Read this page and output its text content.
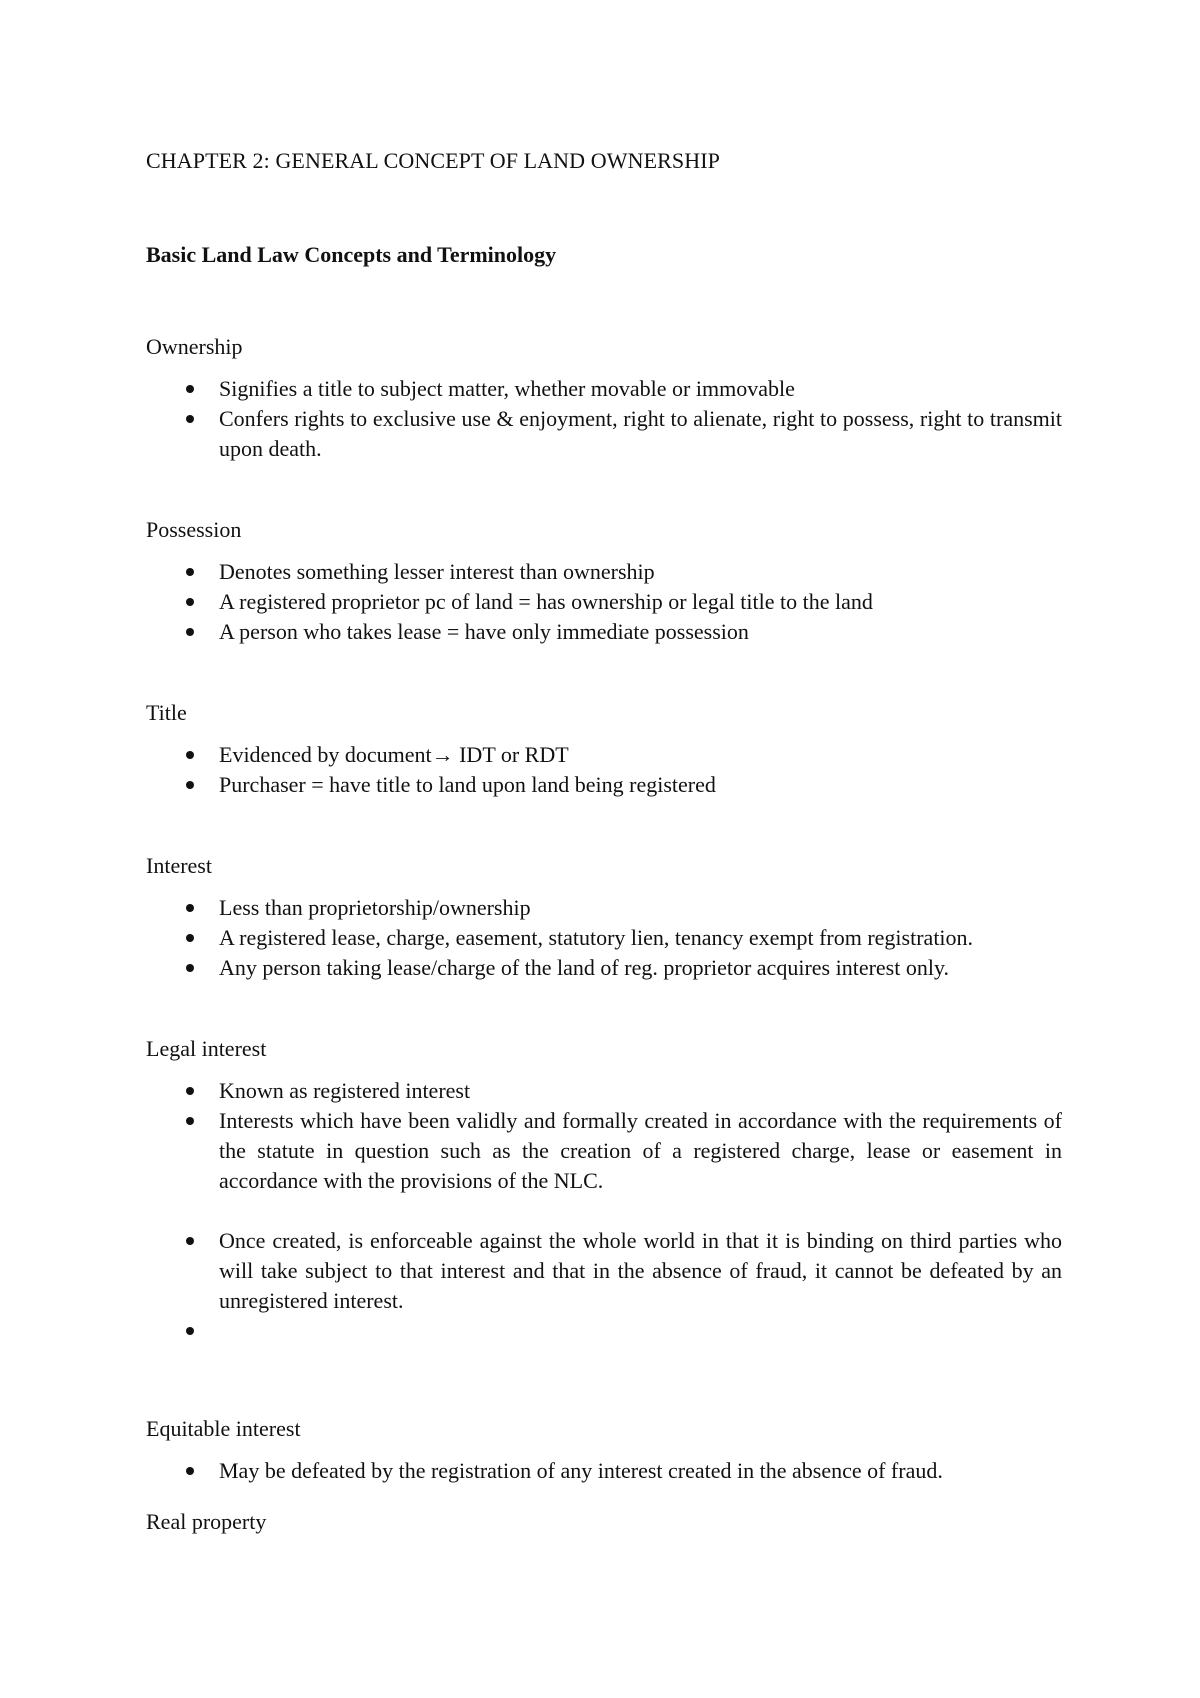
CHAPTER 2: GENERAL CONCEPT OF LAND OWNERSHIP
Basic Land Law Concepts and Terminology

Ownership

Signifies a title to subject matter, whether movable or immovable
Confers rights to exclusive use & enjoyment, right to alienate, right to possess, right to transmit upon death.

Possession

Denotes something lesser interest than ownership
A registered proprietor pc of land = has ownership or legal title to the land
A person who takes lease = have only immediate possession

Title

Evidenced by document→ IDT or RDT
Purchaser = have title to land upon land being registered

Interest

Less than proprietorship/ownership
A registered lease, charge, easement, statutory lien, tenancy exempt from registration.
Any person taking lease/charge of the land of reg. proprietor acquires interest only.

Legal interest

Known as registered interest
Interests which have been validly and formally created in accordance with the requirements of the statute in question such as the creation of a registered charge, lease or easement in accordance with the provisions of the NLC.
Once created, is enforceable against the whole world in that it is binding on third parties who will take subject to that interest and that in the absence of fraud, it cannot be defeated by an unregistered interest.

Equitable interest

May be defeated by the registration of any interest created in the absence of fraud.

Real property
